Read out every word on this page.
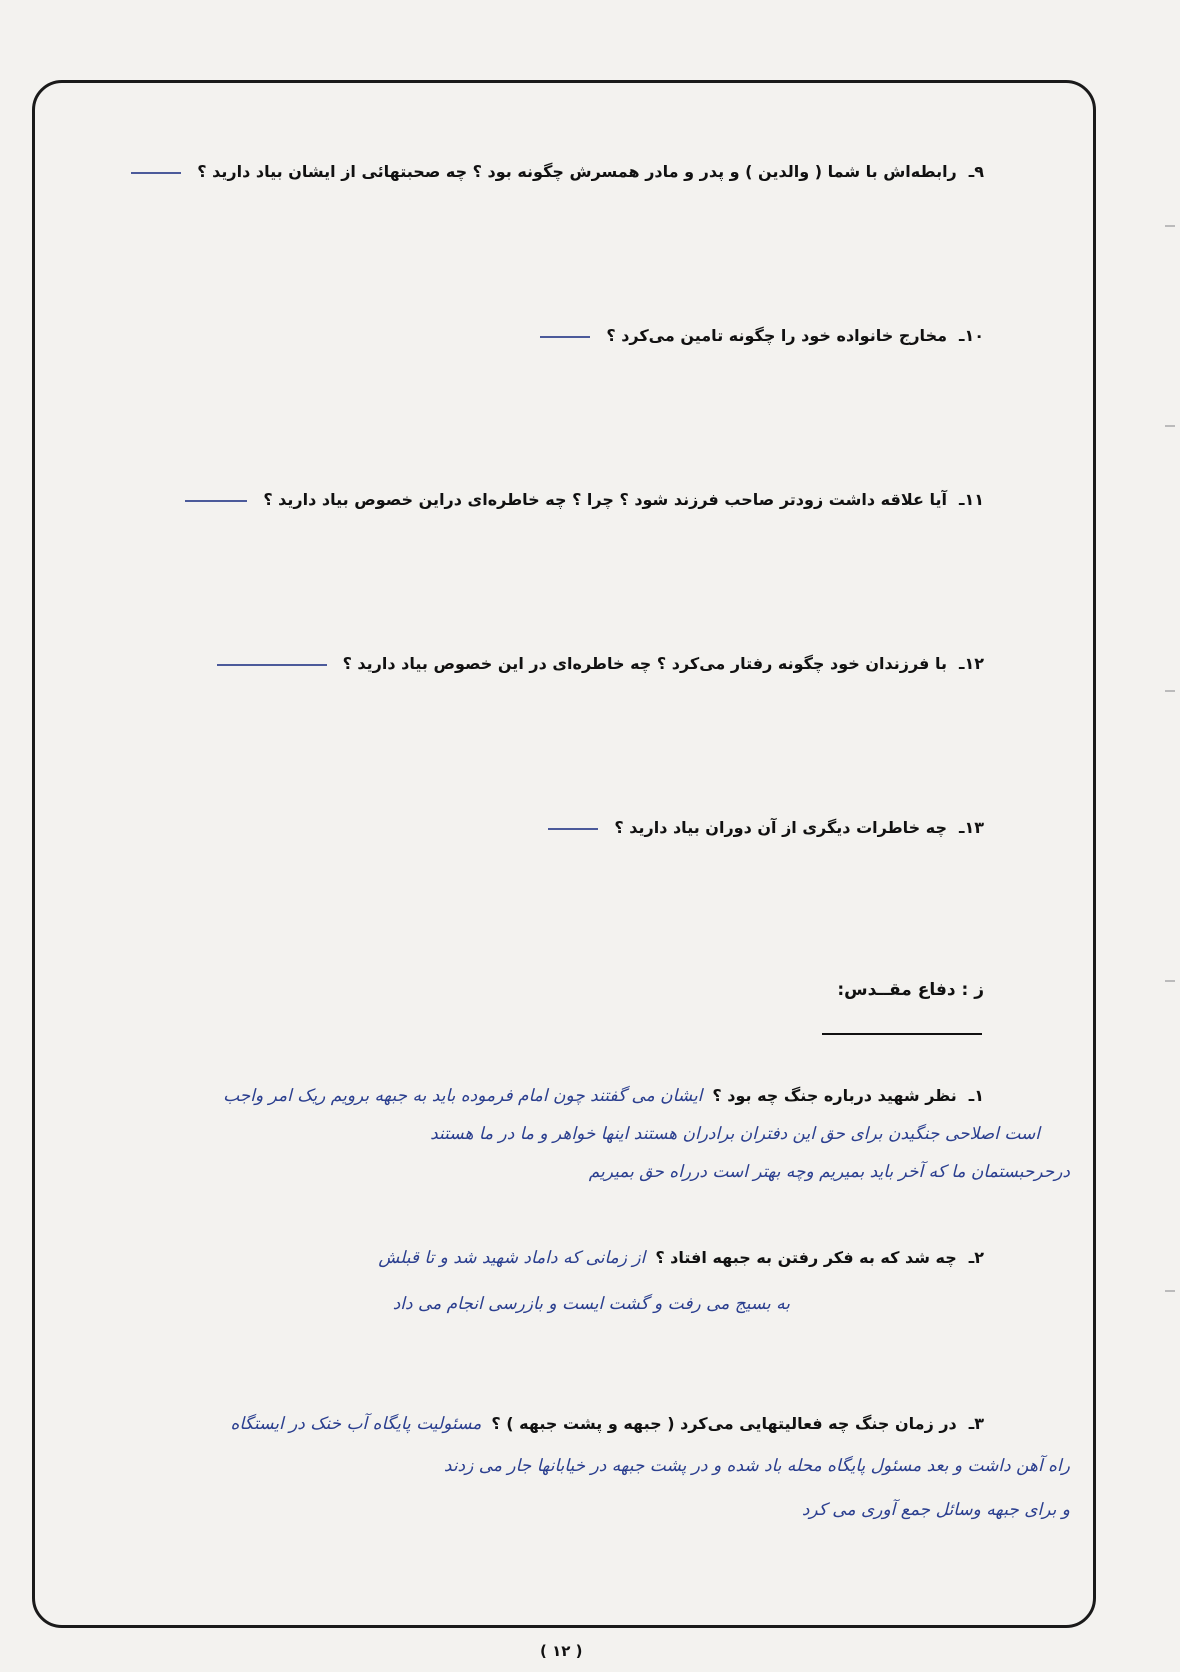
۹ـرابطه‌اش با شما ( والدین ) و پدر و مادر همسرش چگونه بود ؟ چه صحبتهائی از ایشان بیاد دارید ؟
۱۰ـمخارج خانواده خود را چگونه تامین می‌کرد ؟
۱۱ـآیا علاقه داشت زودتر صاحب فرزند شود ؟ چرا ؟ چه خاطره‌ای دراین خصوص بیاد دارید ؟
۱۲ـبا فرزندان خود چگونه رفتار می‌کرد ؟ چه خاطره‌ای در این خصوص بیاد دارید ؟
۱۳ـچه خاطرات دیگری از آن دوران بیاد دارید ؟
ز : دفاع مقــدس:
۱ـنظر شهید درباره جنگ چه بود ؟ایشان می گفتند چون امام فرموده باید به جبهه برویم ریک امر واجب
است اصلاحی جنگیدن برای حق این دفتران برادران هستند اینها خواهر و ما در ما هستند
درحرحبستمان ما که آخر باید بمیریم وچه بهتر است درراه حق بمیریم
۲ـچه شد که به فکر رفتن به جبهه افتاد ؟از زمانی که داماد شهید شد و تا قبلش
به بسیج می رفت و گشت ایست و بازرسی انجام می داد
۳ـدر زمان جنگ چه فعالیتهایی می‌کرد ( جبهه و پشت جبهه ) ؟مسئولیت پایگاه آب خنک در ایستگاه
راه آهن داشت و بعد مسئول پایگاه محله باد شده و در پشت جبهه در خیابانها جار می زدند
و برای جبهه وسائل جمع آوری می کرد
( ۱۲ )
